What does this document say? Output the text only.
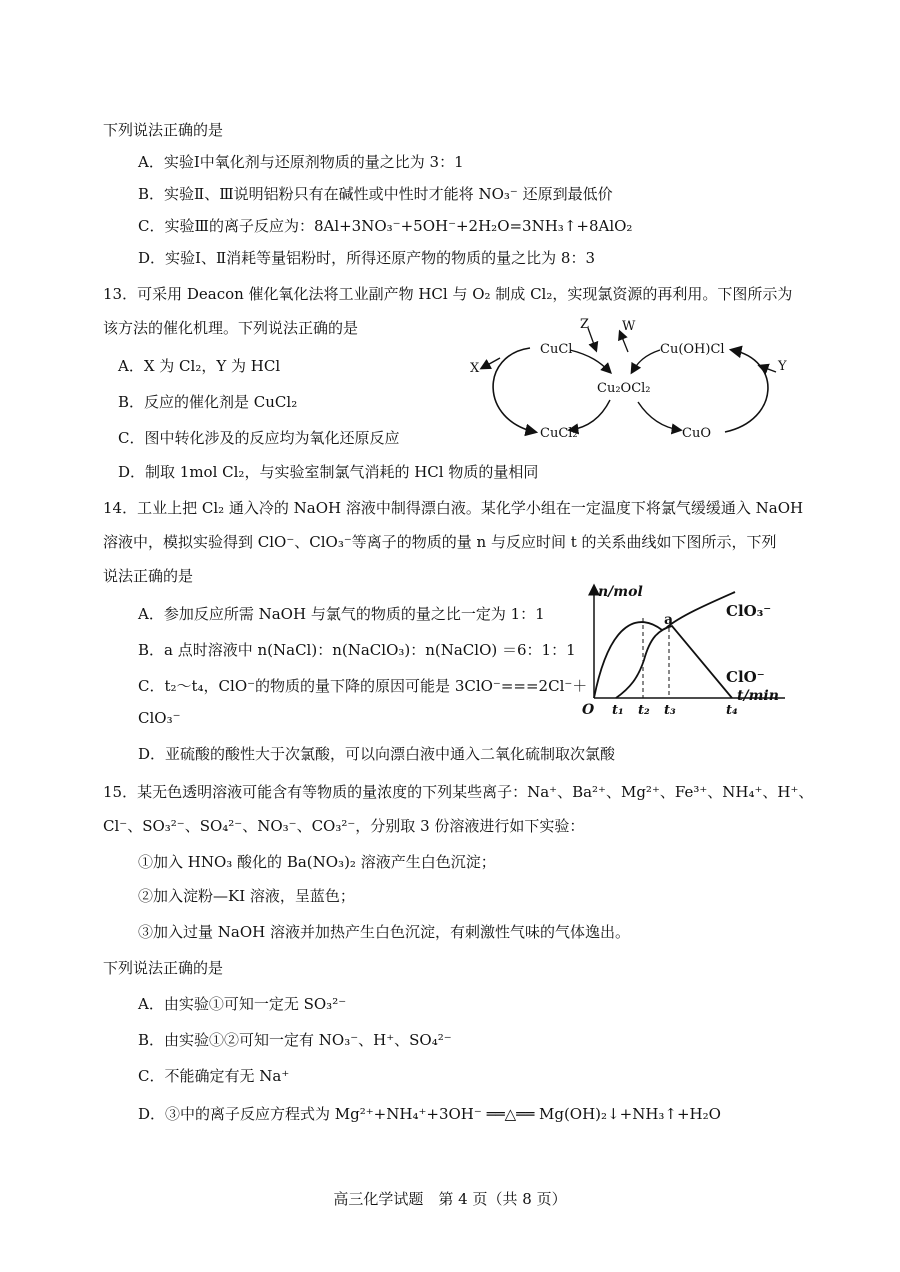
下列说法正确的是
A．实验Ⅰ中氧化剂与还原剂物质的量之比为 3：1
B．实验Ⅱ、Ⅲ说明铝粉只有在碱性或中性时才能将 NO₃⁻ 还原到最低价
C．实验Ⅲ的离子反应为：8Al+3NO₃⁻+5OH⁻+2H₂O=3NH₃↑+8AlO₂
D．实验Ⅰ、Ⅱ消耗等量铝粉时，所得还原产物的物质的量之比为 8：3
13．可采用 Deacon 催化氧化法将工业副产物 HCl 与 O₂ 制成 Cl₂，实现氯资源的再利用。下图所示为
该方法的催化机理。下列说法正确的是
A．X 为 Cl₂，Y 为 HCl
B．反应的催化剂是 CuCl₂
C．图中转化涉及的反应均为氧化还原反应
D．制取 1mol Cl₂，与实验室制氯气消耗的 HCl 物质的量相同
CuCl	Cu(OH)Cl
Cu₂OCl₂
CuCl₂	CuO
X	Y
Z	W
14．工业上把 Cl₂ 通入冷的 NaOH 溶液中制得漂白液。某化学小组在一定温度下将氯气缓缓通入 NaOH
溶液中，模拟实验得到 ClO⁻、ClO₃⁻等离子的物质的量 n 与反应时间 t 的关系曲线如下图所示，下列
说法正确的是
A．参加反应所需 NaOH 与氯气的物质的量之比一定为 1：1
B．a 点时溶液中 n(NaCl)：n(NaClO₃)：n(NaClO) ＝6：1：1
C．t₂～t₄，ClO⁻的物质的量下降的原因可能是 3ClO⁻===2Cl⁻＋
ClO₃⁻
D．亚硫酸的酸性大于次氯酸，可以向漂白液中通入二氧化硫制取次氯酸
n/mol
t/min
O
a	ClO₃⁻
ClO⁻
t₁ t₂ t₃	t₄
15．某无色透明溶液可能含有等物质的量浓度的下列某些离子：Na⁺、Ba²⁺、Mg²⁺、Fe³⁺、NH₄⁺、H⁺、
Cl⁻、SO₃²⁻、SO₄²⁻、NO₃⁻、CO₃²⁻，分别取 3 份溶液进行如下实验：
①加入 HNO₃ 酸化的 Ba(NO₃)₂ 溶液产生白色沉淀；
②加入淀粉—KI 溶液，呈蓝色；
③加入过量 NaOH 溶液并加热产生白色沉淀，有刺激性气味的气体逸出。
下列说法正确的是
A．由实验①可知一定无 SO₃²⁻
B．由实验①②可知一定有 NO₃⁻、H⁺、SO₄²⁻
C．不能确定有无 Na⁺
D．③中的离子反应方程式为 Mg²⁺+NH₄⁺+3OH⁻ ══△══ Mg(OH)₂↓+NH₃↑+H₂O
高三化学试题　第 4 页（共 8 页）
